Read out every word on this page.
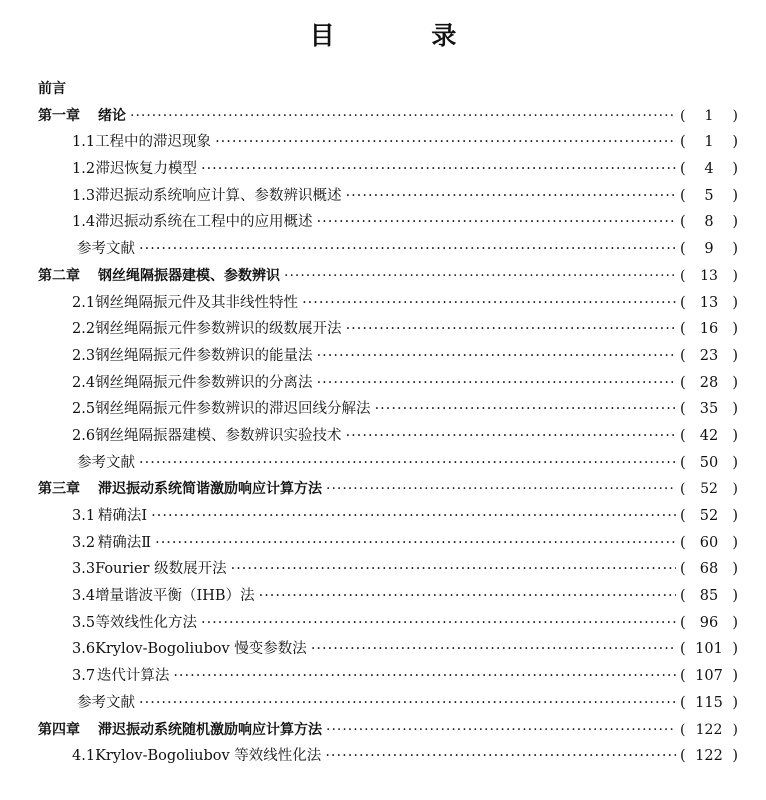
目 录
前言
第一章 绪论 ·····	(	1	)
1.1 工程中的滞迟现象 ·····	(	1	)
1.2 滞迟恢复力模型 ·····	(	4	)
1.3 滞迟振动系统响应计算、参数辨识概述 ·····	(	5	)
1.4 滞迟振动系统在工程中的应用概述 ·····	(	8	)
参考文献 ·····	(	9	)
第二章 钢丝绳隔振器建模、参数辨识 ·····	(	13	)
2.1 钢丝绳隔振元件及其非线性特性 ·····	( 13 )
2.2 钢丝绳隔振元件参数辨识的级数展开法 ·····	( 16 )
2.3 钢丝绳隔振元件参数辨识的能量法 ·····	( 23 )
2.4 钢丝绳隔振元件参数辨识的分离法 ·····	( 28 )
2.5 钢丝绳隔振元件参数辨识的滞迟回线分解法 ·····	( 35 )
2.6 钢丝绳隔振器建模、参数辨识实验技术 ·····	( 42 )
参考文献 ·····	( 50 )
第三章 滞迟振动系统简谐激励响应计算方法 ·····	(	52	)
3.1 精确法Ⅰ ·····	( 52 )
3.2 精确法Ⅱ ·····	( 60 )
3.3 Fourier 级数展开法 ·····	( 68 )
3.4 增量谐波平衡（IHB）法 ·····	( 85 )
3.5 等效线性化方法 ·····	( 96 )
3.6 Krylov-Bogoliubov 慢变参数法 ·····	( 101 )
3.7 迭代计算法 ·····	( 107 )
参考文献 ·····	( 115 )
第四章 滞迟振动系统随机激励响应计算方法 ·····	( 122 )
4.1 Krylov-Bogoliubov 等效线性化法 ·····	( 122 )
